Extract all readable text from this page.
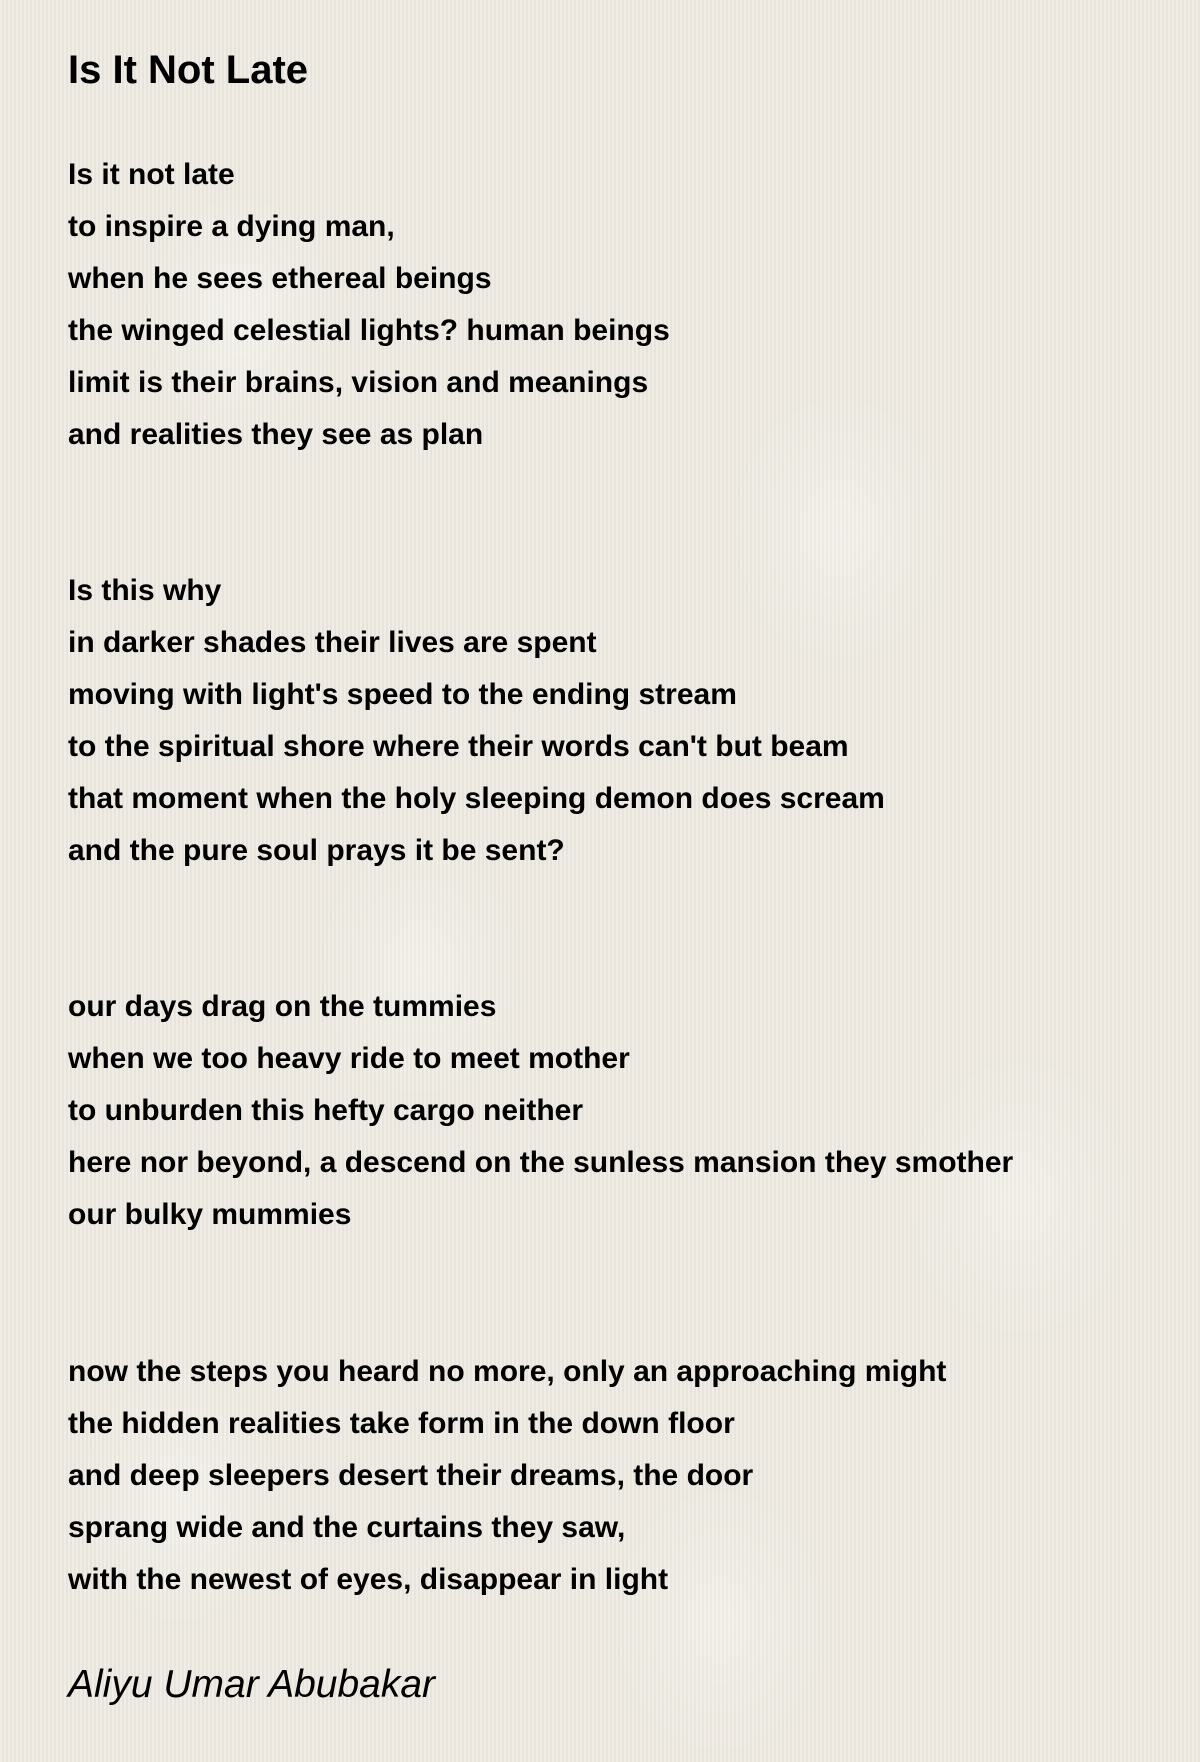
Is It Not Late
Is it not late
to inspire a dying man,
when he sees ethereal beings
the winged celestial lights? human beings
limit is their brains, vision and meanings
and realities they see as plan
Is this why
in darker shades their lives are spent
moving with light's speed to the ending stream
to the spiritual shore where their words can't but beam
that moment when the holy sleeping demon does scream
and the pure soul prays it be sent?
our days drag on the tummies
when we too heavy ride to meet mother
to unburden this hefty cargo neither
here nor beyond, a descend on the sunless mansion they smother
our bulky mummies
now the steps you heard no more, only an approaching might
the hidden realities take form in the down floor
and deep sleepers desert their dreams, the door
sprang wide and the curtains they saw,
with the newest of eyes, disappear in light

Aliyu Umar Abubakar
